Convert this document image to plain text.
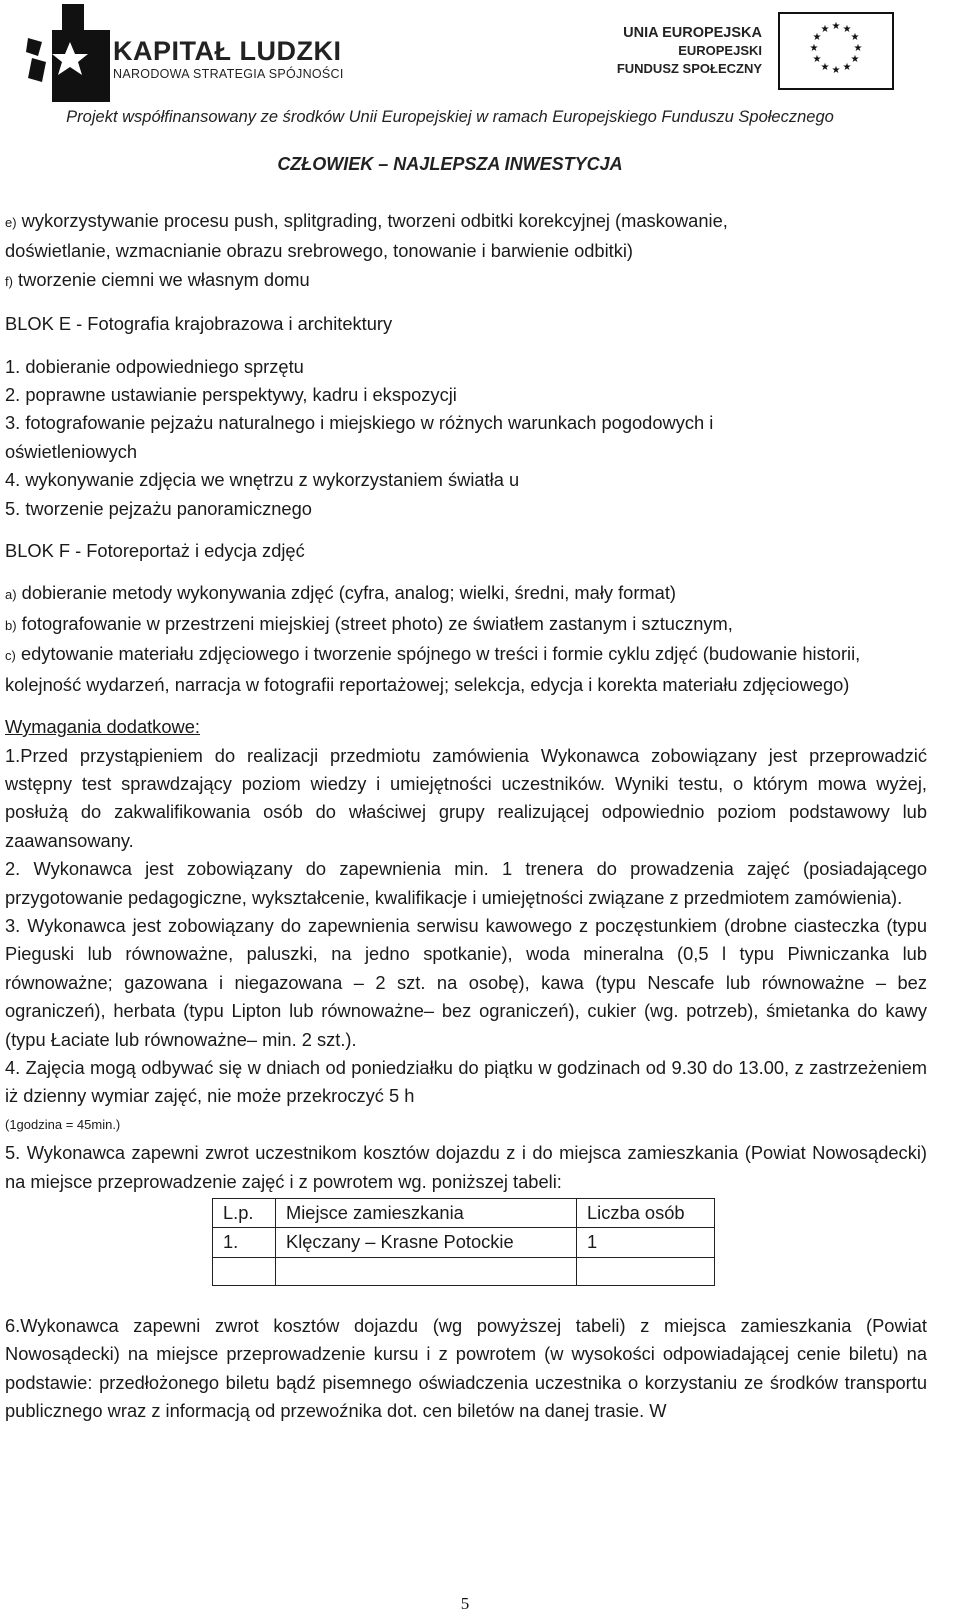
KAPITAŁ LUDZKI
NARODOWA STRATEGIA SPÓJNOŚCI
UNIA EUROPEJSKA
EUROPEJSKI
FUNDUSZ SPOŁECZNY
★ ★
★
★
★
★
★
★
★
★
★
★
Projekt współfinansowany ze środków Unii Europejskiej w ramach Europejskiego Funduszu Społecznego
CZŁOWIEK – NAJLEPSZA INWESTYCJA

e) wykorzystywanie procesu push, splitgrading, tworzeni odbitki korekcyjnej (maskowanie,

doświetlanie, wzmacnianie obrazu srebrowego, tonowanie i barwienie odbitki)

f) tworzenie ciemni we własnym domu

BLOK E - Fotografia krajobrazowa i architektury

1. dobieranie odpowiedniego sprzętu

2. poprawne ustawianie perspektywy, kadru i ekspozycji

3. fotografowanie pejzażu naturalnego i miejskiego w różnych warunkach pogodowych i

oświetleniowych

4. wykonywanie zdjęcia we wnętrzu z wykorzystaniem światła u

5. tworzenie pejzażu panoramicznego

BLOK F - Fotoreportaż i edycja zdjęć

a) dobieranie metody wykonywania zdjęć (cyfra, analog; wielki, średni, mały format)

b) fotografowanie w przestrzeni miejskiej (street photo) ze światłem zastanym i sztucznym,

c) edytowanie materiału zdjęciowego i tworzenie spójnego w treści i formie cyklu zdjęć (budowanie historii, kolejność wydarzeń, narracja w fotografii reportażowej; selekcja, edycja i korekta materiału zdjęciowego)

Wymagania dodatkowe:

1.Przed przystąpieniem do realizacji przedmiotu zamówienia Wykonawca zobowiązany jest przeprowadzić wstępny test sprawdzający poziom wiedzy i umiejętności uczestników. Wyniki testu, o którym mowa wyżej, posłużą do zakwalifikowania osób do właściwej grupy realizującej odpowiednio poziom podstawowy lub zaawansowany.

2. Wykonawca jest zobowiązany do zapewnienia min. 1 trenera do prowadzenia zajęć (posiadającego przygotowanie pedagogiczne, wykształcenie, kwalifikacje i umiejętności związane z przedmiotem zamówienia).

3. Wykonawca jest zobowiązany do zapewnienia serwisu kawowego z poczęstunkiem (drobne ciasteczka (typu Pieguski lub równoważne, paluszki, na jedno spotkanie), woda mineralna (0,5 l typu Piwniczanka lub równoważne; gazowana i niegazowana – 2 szt. na osobę), kawa (typu Nescafe lub równoważne – bez ograniczeń), herbata (typu Lipton lub równoważne– bez ograniczeń), cukier (wg. potrzeb), śmietanka do kawy (typu Łaciate lub równoważne– min. 2 szt.).

4. Zajęcia mogą odbywać się w dniach od poniedziałku do piątku w godzinach od 9.30 do 13.00, z zastrzeżeniem iż dzienny wymiar zajęć, nie może przekroczyć 5 h

(1godzina = 45min.)

5. Wykonawca zapewni zwrot uczestnikom kosztów dojazdu z i do miejsca zamieszkania (Powiat Nowosądecki) na miejsce przeprowadzenie zajęć i z powrotem wg. poniższej tabeli:

L.p.	Miejsce zamieszkania	Liczba osób
1.	Klęczany – Krasne Potockie	1

6.Wykonawca zapewni zwrot kosztów dojazdu (wg powyższej tabeli) z miejsca zamieszkania (Powiat Nowosądecki) na miejsce przeprowadzenie kursu i z powrotem (w wysokości odpowiadającej cenie biletu) na podstawie: przedłożonego biletu bądź pisemnego oświadczenia uczestnika o korzystaniu ze środków transportu publicznego wraz z informacją od przewoźnika dot. cen biletów na danej trasie. W

5
